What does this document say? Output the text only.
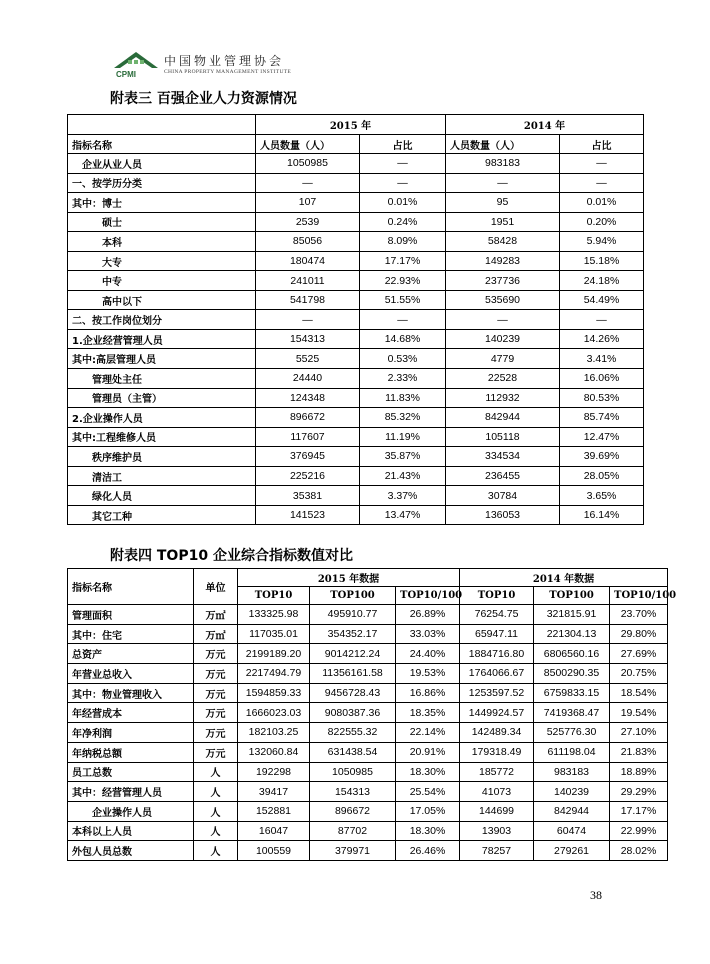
CPMI
中国物业管理协会
CHINA PROPERTY MANAGEMENT INSTITUTE
附表三 百强企业人力资源情况
	2015 年		2014 年	
指标名称	人员数量（人）	占比	人员数量（人）	占比
企业从业人员	1050985	—	983183	—
一、按学历分类	—	—	—	—
其中：博士	107	0.01%	95	0.01%
硕士	2539	0.24%	1951	0.20%
本科	85056	8.09%	58428	5.94%
大专	180474	17.17%	149283	15.18%
中专	241011	22.93%	237736	24.18%
高中以下	541798	51.55%	535690	54.49%
二、按工作岗位划分	—	—	—	—
1.企业经营管理人员	154313	14.68%	140239	14.26%
其中:高层管理人员	5525	0.53%	4779	3.41%
管理处主任	24440	2.33%	22528	16.06%
管理员（主管）	124348	11.83%	112932	80.53%
2.企业操作人员	896672	85.32%	842944	85.74%
其中:工程维修人员	117607	11.19%	105118	12.47%
秩序维护员	376945	35.87%	334534	39.69%
清洁工	225216	21.43%	236455	28.05%
绿化人员	35381	3.37%	30784	3.65%
其它工种	141523	13.47%	136053	16.14%
附表四 TOP10 企业综合指标数值对比
指标名称	单位	2015 年数据			2014 年数据		
		TOP10	TOP100	TOP10/100	TOP10	TOP100	TOP10/100
管理面积	万㎡	133325.98	495910.77	26.89%	76254.75	321815.91	23.70%
其中：住宅	万㎡	117035.01	354352.17	33.03%	65947.11	221304.13	29.80%
总资产	万元	2199189.20	9014212.24	24.40%	1884716.80	6806560.16	27.69%
年营业总收入	万元	2217494.79	11356161.58	19.53%	1764066.67	8500290.35	20.75%
其中：物业管理收入	万元	1594859.33	9456728.43	16.86%	1253597.52	6759833.15	18.54%
年经营成本	万元	1666023.03	9080387.36	18.35%	1449924.57	7419368.47	19.54%
年净利润	万元	182103.25	822555.32	22.14%	142489.34	525776.30	27.10%
年纳税总额	万元	132060.84	631438.54	20.91%	179318.49	611198.04	21.83%
员工总数	人	192298	1050985	18.30%	185772	983183	18.89%
其中：经营管理人员	人	39417	154313	25.54%	41073	140239	29.29%
企业操作人员	人	152881	896672	17.05%	144699	842944	17.17%
本科以上人员	人	16047	87702	18.30%	13903	60474	22.99%
外包人员总数	人	100559	379971	26.46%	78257	279261	28.02%
38
